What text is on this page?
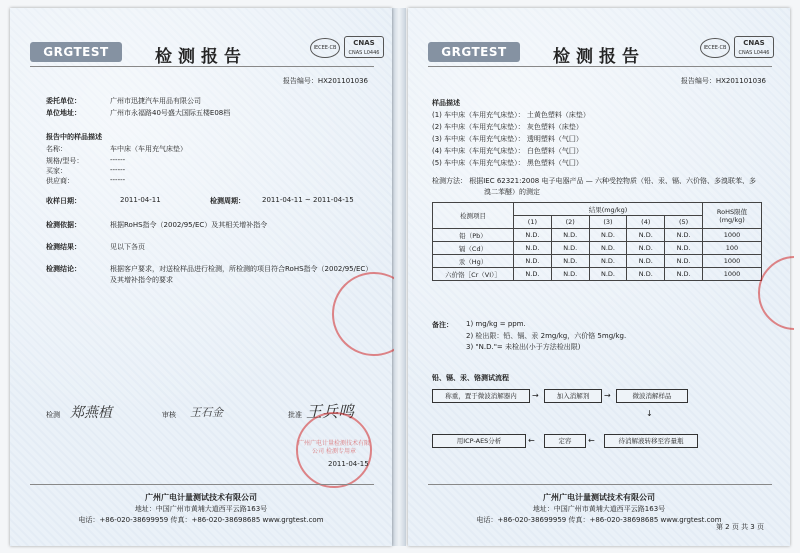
GRGTEST	检测报告	IECEE·CB
CNAS
CNAS L0446
报告编号：HX201101036
委托单位：	广州市迅捷汽车用品有限公司
单位地址：	广州市永福路40号盛大国际五楼E08档
报告中的样品描述
名称：	车中床（车用充气床垫）
规格/型号：	------
买家：	------
供应商：	------
收样日期：	2011-04-11	检测周期： 2011-04-11 ~ 2011-04-15
检测依据：	根据RoHS指令（2002/95/EC）及其相关增补指令
检测结果：	见以下各页
检测结论：	根据客户要求，对送检样品进行检测，所检测的项目符合RoHS指令（2002/95/EC）
及其增补指令的要求
检测 郑燕植	审核 王石金	批准 王兵鸣
广州广电计量检测技术有限公司 检测专用章
2011-04-15
广州广电计量测试技术有限公司
地址：中国广州市黄埔大道西平云路163号
电话：+86-020-38699959 传真：+86-020-38698685 www.grgtest.com
GRGTEST	检测报告	IECEE·CB
CNAS
CNAS L0446
报告编号：HX201101036
样品描述
(1) 车中床（车用充气床垫）： 土黄色塑料（床垫）
(2) 车中床（车用充气床垫）： 灰色塑料（床垫）
(3) 车中床（车用充气床垫）： 透明塑料（气囗）
(4) 车中床（车用充气床垫）： 白色塑料（气囗）
(5) 车中床（车用充气床垫）： 黑色塑料（气囗）
检测方法： 根据IEC 62321:2008 电子电器产品 — 六种受控物质（铅、汞、镉、六价铬、多溴联苯、多
溴二苯醚）的测定
检测项目	结果(mg/kg)					RoHS限值 (mg/kg)
	(1)	(2)	(3)	(4)	(5)	
铅（Pb）	N.D.	N.D.	N.D.	N.D.	N.D.	1000
镉（Cd）	N.D.	N.D.	N.D.	N.D.	N.D.	100
汞（Hg）	N.D.	N.D.	N.D.	N.D.	N.D.	1000
六价铬［Cr（VI）］	N.D.	N.D.	N.D.	N.D.	N.D.	1000
备注： 1) mg/kg = ppm.
2) 检出限：铅、镉、汞 2mg/kg，六价铬 5mg/kg.
3) "N.D."= 未检出(小于方法检出限)
铅、镉、汞、铬测试流程
称重，置于微波消解器内	→	加入消解剂	→	微波消解样品
↓
待消解液转移至容量瓶
←
定容
←
用ICP-AES分析
广州广电计量测试技术有限公司
地址：中国广州市黄埔大道西平云路163号
电话：+86-020-38699959 传真：+86-020-38698685 www.grgtest.com
第 2 页 共 3 页
